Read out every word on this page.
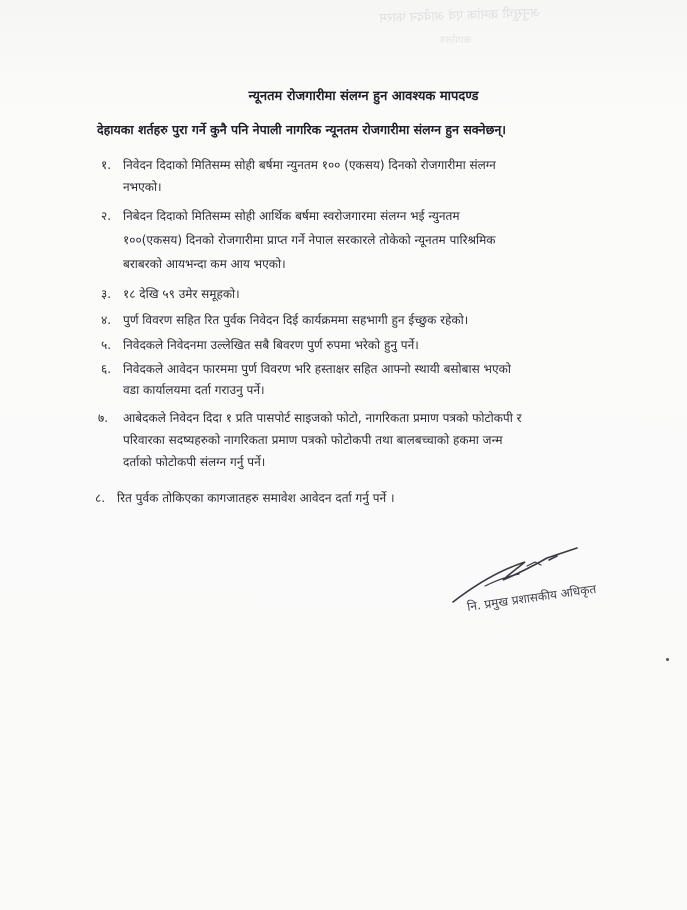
अनुसूची क्रमांक एवं आवेदन फारम
कार्यालय
न्यूनतम रोजगारीमा संलग्न हुन आवश्यक मापदण्ड
देहायका शर्तहरु पुरा गर्ने कुनै पनि नेपाली नागरिक न्यूनतम रोजगारीमा संलग्न हुन सक्नेछन्।
१. निवेदन दिदाको मितिसम्म सोही बर्षमा न्युनतम १०० (एकसय) दिनको रोजगारीमा संलग्न
नभएको।
२. निबेदन दिदाको मितिसम्म सोही आर्थिक बर्षमा स्वरोजगारमा संलग्न भई न्युनतम
१००(एकसय) दिनको रोजगारीमा प्राप्त गर्ने नेपाल सरकारले तोकेको न्यूनतम पारिश्रमिक
बराबरको आयभन्दा कम आय भएको।
३. १८ देखि ५९ उमेर समूहको।
४. पुर्ण विवरण सहित रित पुर्वक निवेदन दिई कार्यक्रममा सहभागी हुन ईच्छुक रहेको।
५. निवेदकले निवेदनमा उल्लेखित सबै बिवरण पुर्ण रुपमा भरेको हुनु पर्ने।
६. निवेदकले आवेदन फारममा पुर्ण विवरण भरि हस्ताक्षर सहित आफ्नो स्थायी बसोबास भएको
वडा कार्यालयमा दर्ता गराउनु पर्ने।
७.	आबेदकले निवेदन दिदा १ प्रति पासपोर्ट साइजको फोटो, नागरिकता प्रमाण पत्रको फोटोकपी र
परिवारका सदष्यहरुको नागरिकता प्रमाण पत्रको फोटोकपी तथा बालबच्चाको हकमा जन्म
दर्ताको फोटोकपी संलग्न गर्नु पर्ने।
८. रित पुर्वक तोकिएका कागजातहरु समावेश आवेदन दर्ता गर्नु पर्ने ।
नि. प्रमुख प्रशासकीय अधिकृत
